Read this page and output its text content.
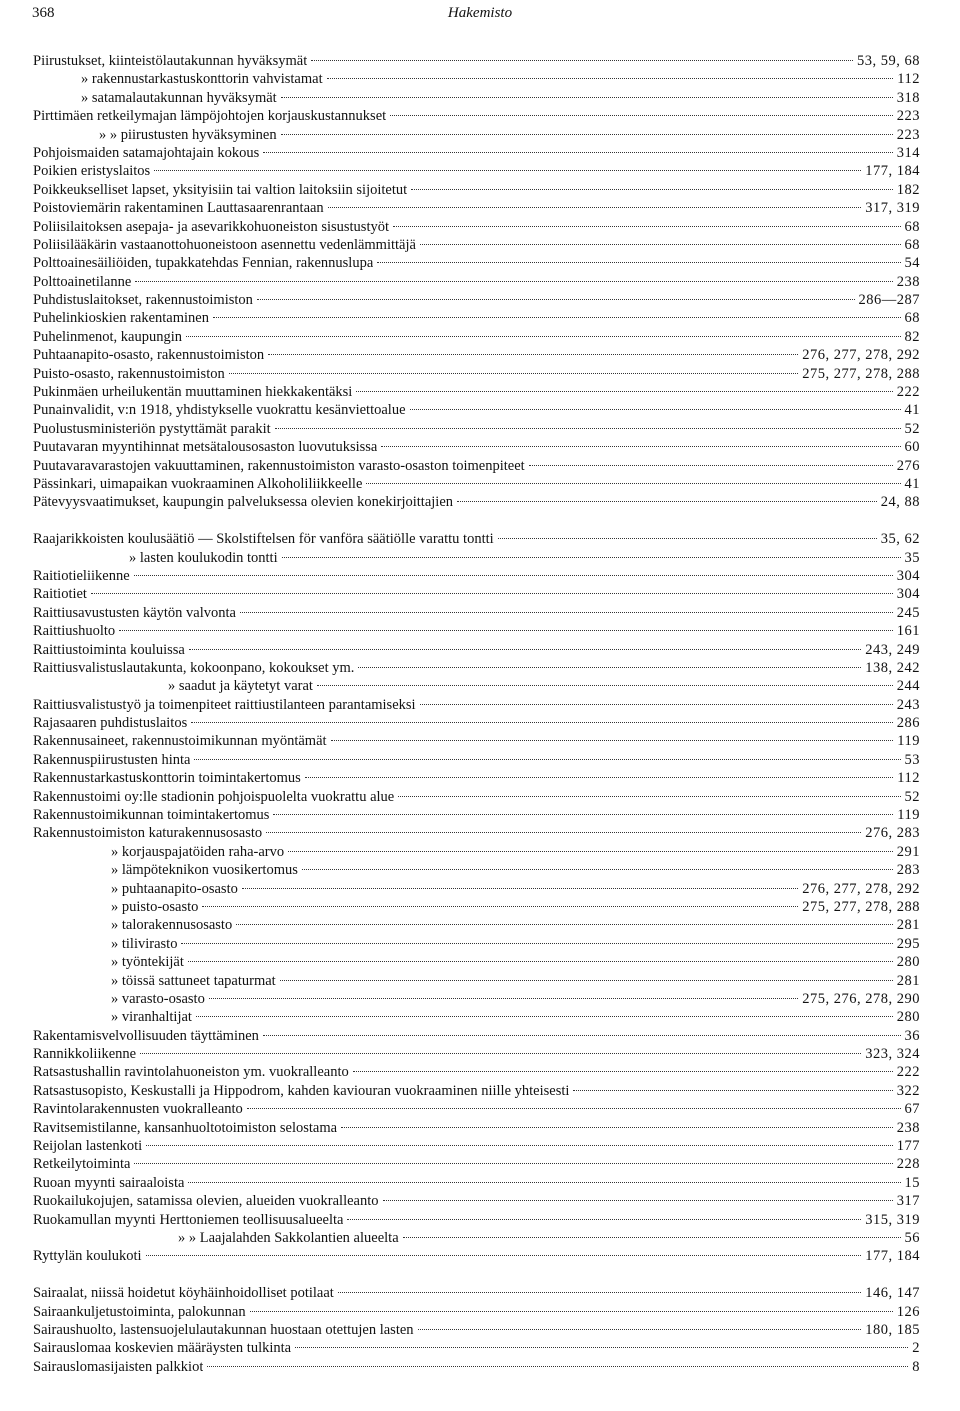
368	Hakemisto
Piirustukset, kiinteistölautakunnan hyväksymät	53, 59, 68
» rakennustarkastuskonttorin vahvistamat	112
» satamalautakunnan hyväksymät	318
Pirttimäen retkeilymajan lämpöjohtojen korjauskustannukset	223
» » piirustusten hyväksyminen	223
Pohjoismaiden satamajohtajain kokous	314
Poikien eristyslaitos	177, 184
Poikkeukselliset lapset, yksityisiin tai valtion laitoksiin sijoitetut	182
Poistoviemärin rakentaminen Lauttasaarenrantaan	317, 319
Poliisilaitoksen asepaja- ja asevarikkohuoneiston sisustustyöt	68
Poliisilääkärin vastaanottohuoneistoon asennettu vedenlämmittäjä	68
Polttoainesäiliöiden, tupakkatehdas Fennian, rakennuslupa	54
Polttoainetilanne	238
Puhdistuslaitokset, rakennustoimiston	286—287
Puhelinkioskien rakentaminen	68
Puhelinmenot, kaupungin	82
Puhtaanapito-osasto, rakennustoimiston	276, 277, 278, 292
Puisto-osasto, rakennustoimiston	275, 277, 278, 288
Pukinmäen urheilukentän muuttaminen hiekkakentäksi	222
Punainvalidit, v:n 1918, yhdistykselle vuokrattu kesänviettoalue	41
Puolustusministeriön pystyttämät parakit	52
Puutavaran myyntihinnat metsätalousosaston luovutuksissa	60
Puutavaravarastojen vakuuttaminen, rakennustoimiston varasto-osaston toimenpiteet	276
Pässinkari, uimapaikan vuokraaminen Alkoholiliikkeelle	41
Pätevyysvaatimukset, kaupungin palveluksessa olevien konekirjoittajien	24, 88
Raajarikkoisten koulusäätiö — Skolstiftelsen för vanföra säätiölle varattu tontti	35, 62
» lasten koulukodin tontti	35
Raitiotieliikenne	304
Raitiotiet	304
Raittiusavustusten käytön valvonta	245
Raittiushuolto	161
Raittiustoiminta kouluissa	243, 249
Raittiusvalistuslautakunta, kokoonpano, kokoukset ym.	138, 242
» saadut ja käytetyt varat	244
Raittiusvalistustyö ja toimenpiteet raittiustilanteen parantamiseksi	243
Rajasaaren puhdistuslaitos	286
Rakennusaineet, rakennustoimikunnan myöntämät	119
Rakennuspiirustusten hinta	53
Rakennustarkastuskonttorin toimintakertomus	112
Rakennustoimi oy:lle stadionin pohjoispuolelta vuokrattu alue	52
Rakennustoimikunnan toimintakertomus	119
Rakennustoimiston katurakennusosasto	276, 283
» korjauspajatöiden raha-arvo	291
» lämpöteknikon vuosikertomus	283
» puhtaanapito-osasto	276, 277, 278, 292
» puisto-osasto	275, 277, 278, 288
» talorakennusosasto	281
» tilivirasto	295
» työntekijät	280
» töissä sattuneet tapaturmat	281
» varasto-osasto	275, 276, 278, 290
» viranhaltijat	280
Rakentamisvelvollisuuden täyttäminen	36
Rannikkoliikenne	323, 324
Ratsastushallin ravintolahuoneiston ym. vuokralleanto	222
Ratsastusopisto, Keskustalli ja Hippodrom, kahden kaviouran vuokraaminen niille yhteisesti	322
Ravintolarakennusten vuokralleanto	67
Ravitsemistilanne, kansanhuoltotoimiston selostama	238
Reijolan lastenkoti	177
Retkeilytoiminta	228
Ruoan myynti sairaaloista	15
Ruokailukojujen, satamissa olevien, alueiden vuokralleanto	317
Ruokamullan myynti Herttoniemen teollisuusalueelta	315, 319
» » Laajalahden Sakkolantien alueelta	56
Ryttylän koulukoti	177, 184
Sairaalat, niissä hoidetut köyhäinhoidolliset potilaat	146, 147
Sairaankuljetustoiminta, palokunnan	126
Sairaushuolto, lastensuojelulautakunnan huostaan otettujen lasten	180, 185
Sairauslomaa koskevien määräysten tulkinta	2
Sairauslomasijaisten palkkiot	8
